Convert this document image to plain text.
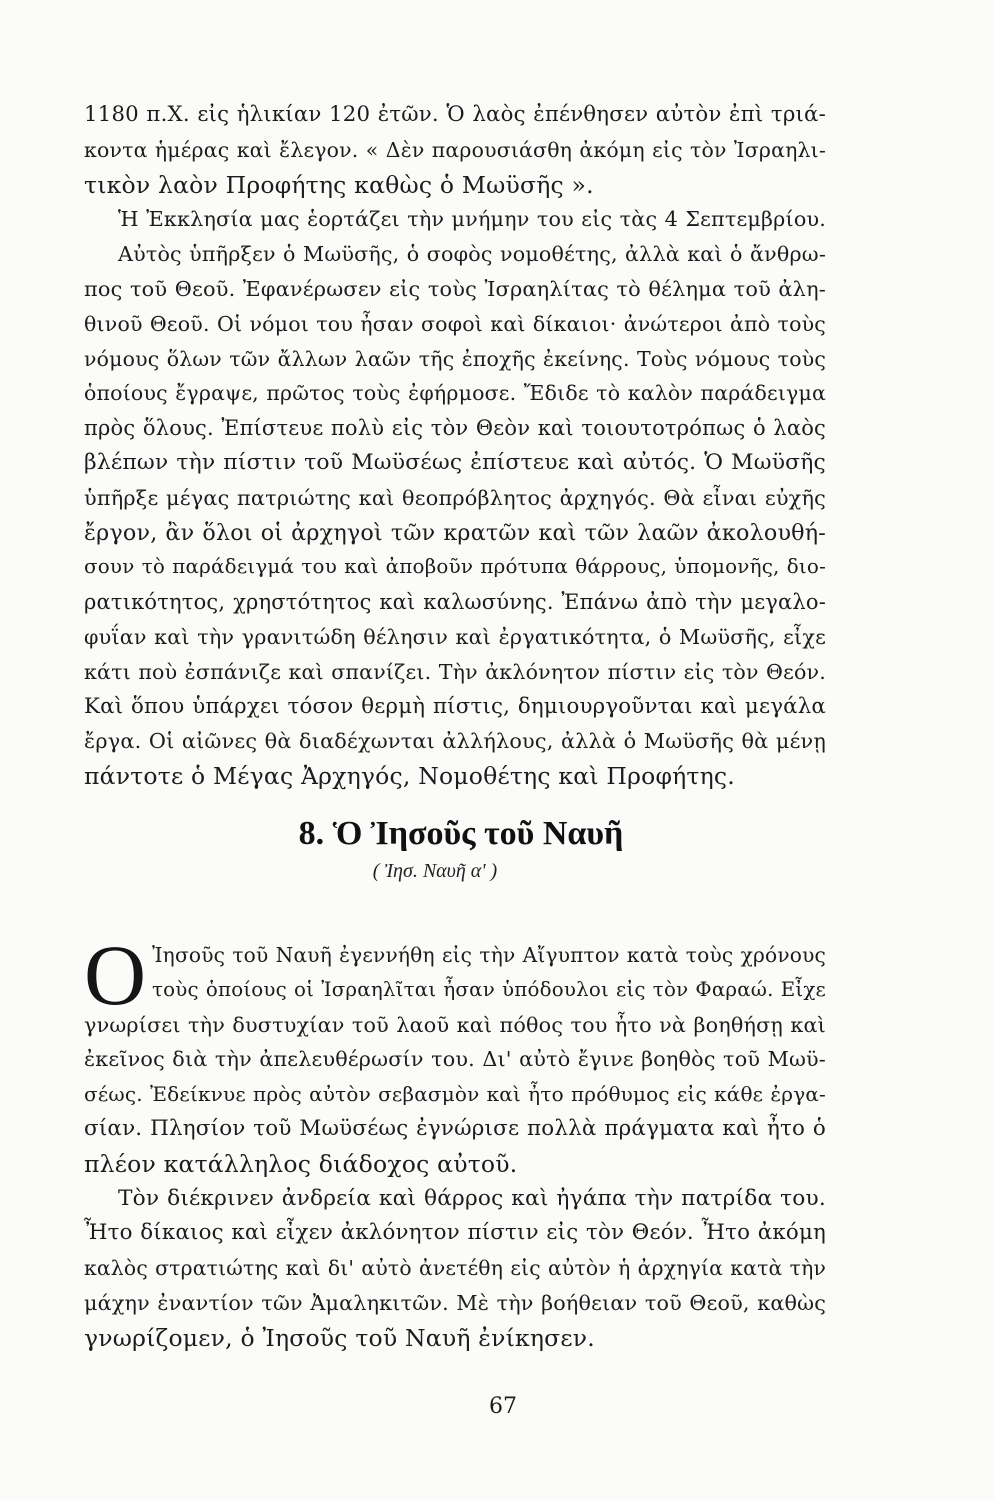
1180 π.Χ. εἰς ἡλικίαν 120 ἐτῶν. Ὁ λαὸς ἐπένθησεν αὐτὸν ἐπὶ τριά-
κοντα ἡμέρας καὶ ἔλεγον. « Δὲν παρουσιάσθη ἀκόμη εἰς τὸν Ἰσραηλι-
τικὸν λαὸν Προφήτης καθὼς ὁ Μωϋσῆς ».
Ἡ Ἐκκλησία μας ἑορτάζει τὴν μνήμην του εἰς τὰς 4 Σεπτεμβρίου.
Αὐτὸς ὑπῆρξεν ὁ Μωϋσῆς, ὁ σοφὸς νομοθέτης, ἀλλὰ καὶ ὁ ἄνθρω-
πος τοῦ Θεοῦ. Ἐφανέρωσεν εἰς τοὺς Ἰσραηλίτας τὸ θέλημα τοῦ ἀλη-
θινοῦ Θεοῦ. Οἱ νόμοι του ἦσαν σοφοὶ καὶ δίκαιοι· ἀνώτεροι ἀπὸ τοὺς
νόμους ὅλων τῶν ἄλλων λαῶν τῆς ἐποχῆς ἐκείνης. Τοὺς νόμους τοὺς
ὁποίους ἔγραψε, πρῶτος τοὺς ἐφήρμοσε. Ἔδιδε τὸ καλὸν παράδειγμα
πρὸς ὅλους. Ἐπίστευε πολὺ εἰς τὸν Θεὸν καὶ τοιουτοτρόπως ὁ λαὸς
βλέπων τὴν πίστιν τοῦ Μωϋσέως ἐπίστευε καὶ αὐτός. Ὁ Μωϋσῆς
ὑπῆρξε μέγας πατριώτης καὶ θεοπρόβλητος ἀρχηγός. Θὰ εἶναι εὐχῆς
ἔργον, ἂν ὅλοι οἱ ἀρχηγοὶ τῶν κρατῶν καὶ τῶν λαῶν ἀκολουθή-
σουν τὸ παράδειγμά του καὶ ἀποβοῦν πρότυπα θάρρους, ὑπομονῆς, διο-
ρατικότητος, χρηστότητος καὶ καλωσύνης. Ἐπάνω ἀπὸ τὴν μεγαλο-
φυΐαν καὶ τὴν γρανιτώδη θέλησιν καὶ ἐργατικότητα, ὁ Μωϋσῆς, εἶχε
κάτι ποὺ ἐσπάνιζε καὶ σπανίζει. Τὴν ἀκλόνητον πίστιν εἰς τὸν Θεόν.
Καὶ ὅπου ὑπάρχει τόσον θερμὴ πίστις, δημιουργοῦνται καὶ μεγάλα
ἔργα. Οἱ αἰῶνες θὰ διαδέχωνται ἀλλήλους, ἀλλὰ ὁ Μωϋσῆς θὰ μένῃ
πάντοτε ὁ Μέγας Ἀρχηγός, Νομοθέτης καὶ Προφήτης.
8. Ὁ Ἰησοῦς τοῦ Ναυῆ
( Ἰησ. Ναυῆ α' )
O Ἰησοῦς τοῦ Ναυῆ ἐγεννήθη εἰς τὴν Αἴγυπτον κατὰ τοὺς χρόνους
τοὺς ὁποίους οἱ Ἰσραηλῖται ἦσαν ὑπόδουλοι εἰς τὸν Φαραώ. Εἶχε
γνωρίσει τὴν δυστυχίαν τοῦ λαοῦ καὶ πόθος του ἦτο νὰ βοηθήσῃ καὶ
ἐκεῖνος διὰ τὴν ἀπελευθέρωσίν του. Δι' αὐτὸ ἔγινε βοηθὸς τοῦ Μωϋ-
σέως. Ἐδείκνυε πρὸς αὐτὸν σεβασμὸν καὶ ἦτο πρόθυμος εἰς κάθε ἐργα-
σίαν. Πλησίον τοῦ Μωϋσέως ἐγνώρισε πολλὰ πράγματα καὶ ἦτο ὁ
πλέον κατάλληλος διάδοχος αὐτοῦ.
Τὸν διέκρινεν ἀνδρεία καὶ θάρρος καὶ ἠγάπα τὴν πατρίδα του.
Ἦτο δίκαιος καὶ εἶχεν ἀκλόνητον πίστιν εἰς τὸν Θεόν. Ἦτο ἀκόμη
καλὸς στρατιώτης καὶ δι' αὐτὸ ἀνετέθη εἰς αὐτὸν ἡ ἀρχηγία κατὰ τὴν
μάχην ἐναντίον τῶν Ἀμαληκιτῶν. Μὲ τὴν βοήθειαν τοῦ Θεοῦ, καθὼς
γνωρίζομεν, ὁ Ἰησοῦς τοῦ Ναυῆ ἐνίκησεν.
67
